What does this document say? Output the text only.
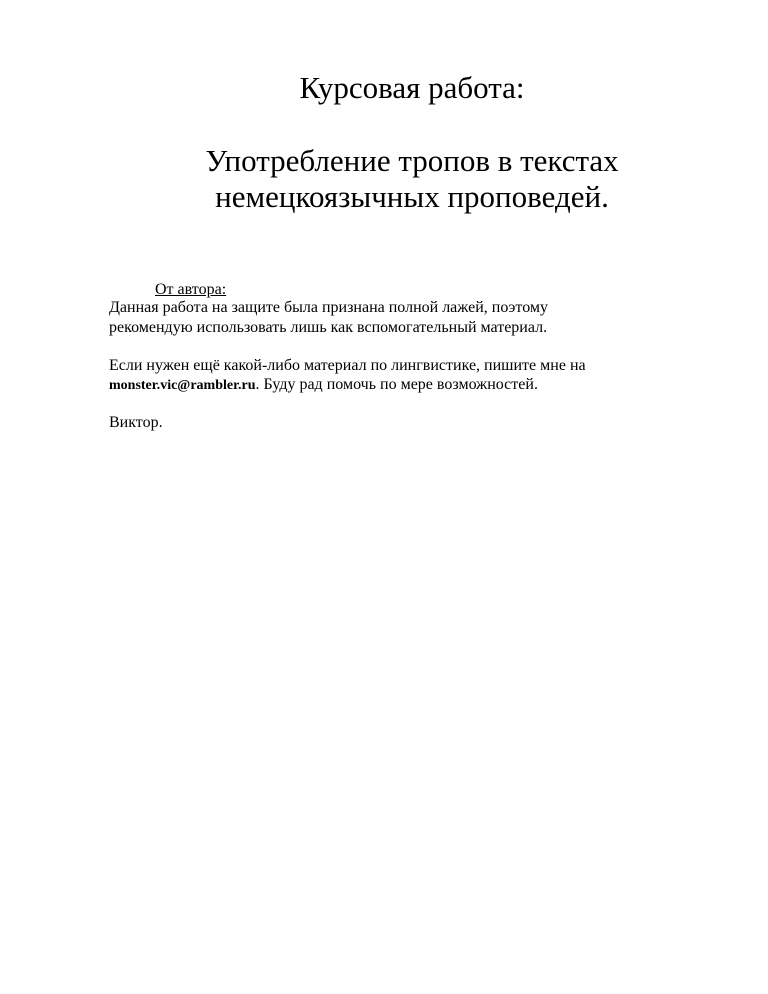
Курсовая работа:
Употребление тропов в текстах
немецкоязычных проповедей.

От автора:

Данная работа на защите была признана полной лажей, поэтому

рекомендую использовать лишь как вспомогательный материал.

Если нужен ещё какой-либо материал по лингвистике, пишите мне на

monster.vic@rambler.ru. Буду рад помочь по мере возможностей.

Виктор.
